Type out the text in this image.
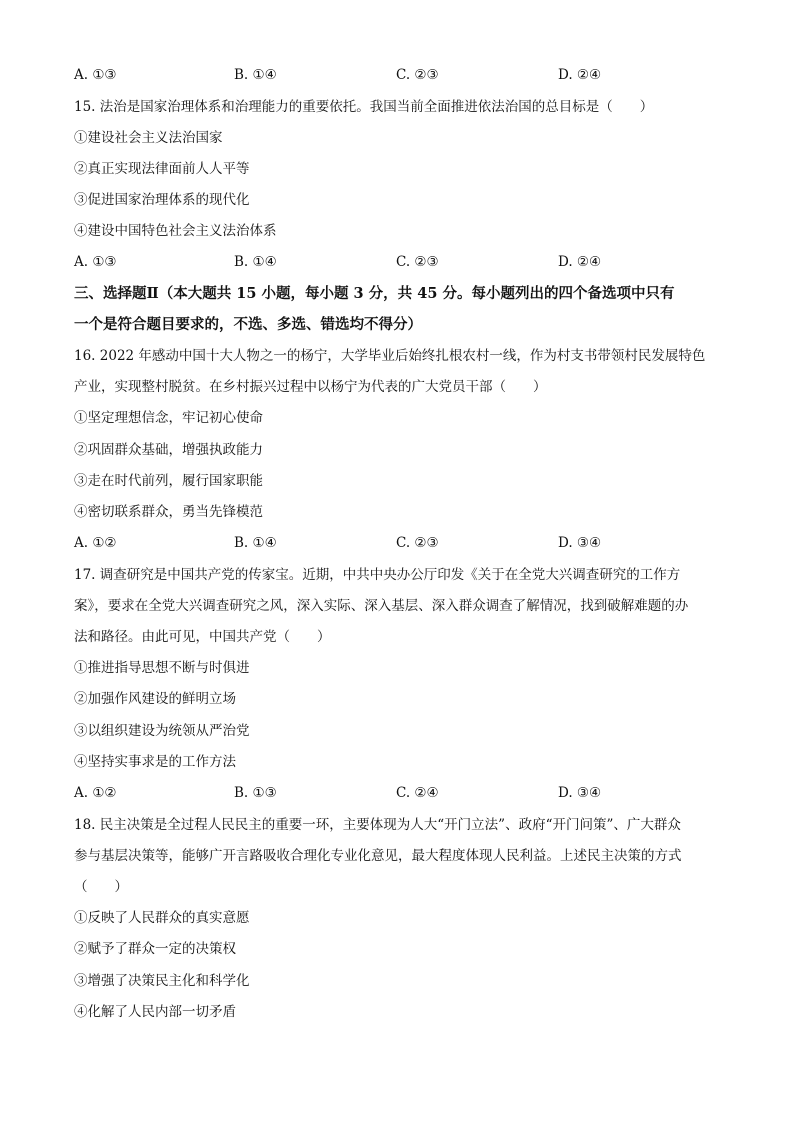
A. ①③	B. ①④	C. ②③	D. ②④
15. 法治是国家治理体系和治理能力的重要依托。我国当前全面推进依法治国的总目标是（　　）
①建设社会主义法治国家
②真正实现法律面前人人平等
③促进国家治理体系的现代化
④建设中国特色社会主义法治体系
A. ①③	B. ①④	C. ②③	D. ②④
三、选择题Ⅱ（本大题共 15 小题，每小题 3 分，共 45 分。每小题列出的四个备选项中只有
一个是符合题目要求的，不选、多选、错选均不得分）
16. 2022 年感动中国十大人物之一的杨宁，大学毕业后始终扎根农村一线，作为村支书带领村民发展特色
产业，实现整村脱贫。在乡村振兴过程中以杨宁为代表的广大党员干部（　　）
①坚定理想信念，牢记初心使命
②巩固群众基础，增强执政能力
③走在时代前列，履行国家职能
④密切联系群众，勇当先锋模范
A. ①②	B. ①④	C. ②③	D. ③④
17. 调查研究是中国共产党的传家宝。近期，中共中央办公厅印发《关于在全党大兴调查研究的工作方
案》，要求在全党大兴调查研究之风，深入实际、深入基层、深入群众调查了解情况，找到破解难题的办
法和路径。由此可见，中国共产党（　　）
①推进指导思想不断与时俱进
②加强作风建设的鲜明立场
③以组织建设为统领从严治党
④坚持实事求是的工作方法
A. ①②	B. ①③	C. ②④	D. ③④
18. 民主决策是全过程人民民主的重要一环，主要体现为人大“开门立法”、政府“开门问策”、广大群众
参与基层决策等，能够广开言路吸收合理化专业化意见，最大程度体现人民利益。上述民主决策的方式
（　　）
①反映了人民群众的真实意愿
②赋予了群众一定的决策权
③增强了决策民主化和科学化
④化解了人民内部一切矛盾
